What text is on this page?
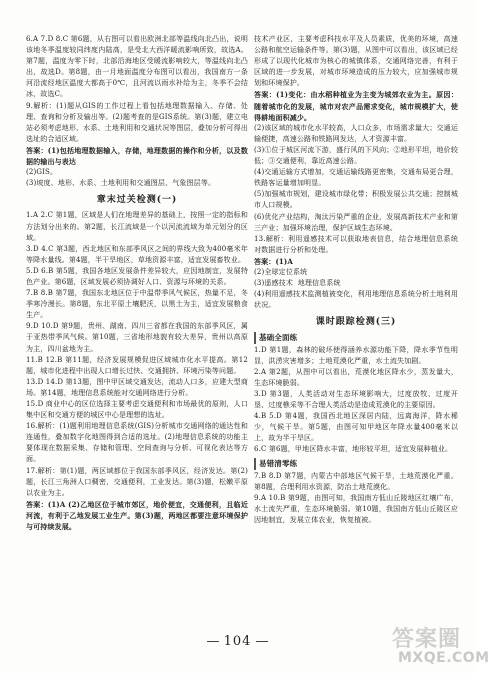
6.A 7.D 8.C 第6题，从右图可以看出欧洲北部等温线向北凸出，说明该地冬季温度较同纬度内陆高，是受北大西洋暖流影响所致，故选A。第7题，温度为零下时，北部沿海地区受暖流影响较大，等温线向北凸出，故选D。第8题，由一月地面温度分布图可以看出，我国南方一条河沿流经地区温度大都高于0℃，且河流以雨水补给为主，冬季不会结冰，故选C。

9.解析：(1)题从GIS的工作过程上看包括地理数据输入、存储、处理、查询和分析及输出等。(2)题考查的是GIS系统。第(3)题，建立电站必须考虑地形、水系、土地利用和交通状况等图层，叠加分析可得出选址的合适区域。

答案：(1)包括地理数据输入，存储，地理数据的操作和分析，以及数据的输出与表达

(2)GIS。

(3)坡度、地形、水系、土地利用和交通图层、气象图层等。

章末过关检测(一)

1.A 2.C 第1题，区域是人们在地理差异的基础上，按照一定的指标和方法划分出来的。第2题，长江流域是一个以河流流域为单元划分的区域。

3.D 4.C 第3题，西北地区和东部季风区之间的界线大致为400毫米年等降水量线。第4题，半干旱地区，草地资源丰富，适宜发展畜牧业。

5.D 6.B 第5题，我国各地区发展条件差异较大，应因地制宜，发展特色产业。第6题，区域发展必须协调好人口、资源与环境的关系。

7.B 8.B 第7题，我国东北地区位于中温带季风气候区，热量不足，冬季寒冷漫长。第8题，东北平原土壤肥沃，以黑土为主，适宜发展粮食生产。

9.D 10.D 第9题，贵州、湖南、四川三省都在我国的东部季风区，属于亚热带季风气候。第10题，三省地形地貌有较大差异，贵州以高原为主，四川盆地为主。

11.B 12.B 第11题，经济发展规模促进区域城市化水平提高。第12题，城市化进程中出现人口增长过快、交通拥挤、环境污染等问题。

13.D 14.D 第13题，图中甲区域交通发达，流动人口多，应建大型商场。第14题，地理信息系统能对交通网络进行分析。

15.D 商业中心的区位选择主要考虑交通便利和市场最优的原则，人口集中区和交通方便的城区中心是理想的选址。

16.解析：(1)题利用地理信息系统(GIS)分析城市交通网络的通达性和连通性，叠加数字化地图得到合适的选址。(2)地理信息系统的功能主要体现在数据采集、存储和管理、空间查询与分析、可视化表达等方面。

17.解析：第(1)题，两区域都位于我国东部季风区，经济发达。第(2)题，长江三角洲人口稠密，交通便利，工业发达。第(3)题，松嫩平原以农业为主。

答案：(1)A (2)乙地区位于城市郊区，地价便宜，交通便利，且临近河流，有利于乙地发展工业生产。第(3)题，两地区都要注意环境保护与可持续发展。

技术产业区，主要考虑科技水平及人员素质，优美的环境，高速公路和航空运输条件等。第(3)题，从图中可以看出，该区域已经形成了以现代化城市为核心的城镇体系，交通网络完善，有利于区域的进一步发展，对城市环境造成的压力较大，应加强城市规划和环境保护。

答案：(1)变化：由水稻种植业为主变为城郊农业为主。原因：随着城市化的发展，城市对农产品需求变化，城市规模扩大，使得耕地面积减少。

(2)该区域的城市化水平较高，人口众多，市场需求量大；交通运输便捷，高速公路和铁路网发达，人才资源丰富。

(3)①位于城区河流下游，盛行风的下风向；②地形平坦，地价较低；③交通便利，靠近高速公路。

(4)交通运输方式增加，交通运输线路更密集，交通布局更合理，铁路客运量增加明显。

(5)加强城市规划，建设城市绿化带；积极发展公共交通；控制城市人口规模。

(6)优化产业结构，淘汰污染严重的企业，发展高新技术产业和第三产业；加强环境治理，保护区域生态环境。

13.解析：利用遥感技术可以获取地表信息，结合地理信息系统对数据进行分析和处理。

答案：(1)A

(2)全球定位系统

(3)遥感技术  地理信息系统

(4)利用遥感技术监测植被变化，利用地理信息系统分析土地利用状况。

课时跟踪检测(三)
基础全面练

1.D 第1题，森林的破坏使得涵养水源功能下降，降水季节性明显，洪涝灾害增多；土地荒漠化严重，水土流失加剧。

2.A 第2题，从图中可以看出，荒漠化地区降水少，蒸发量大，生态环境脆弱。

3.D 第3题，人类活动对生态环境影响大，过度放牧、过度开垦、过度樵采等不合理人类活动是造成荒漠化的主要原因。

4.B 5.D 第4题，我国西北地区深居内陆，远离海洋，降水稀少，气候干旱。第5题，由图可知甲地区年降水量400毫米以上，故为半干旱区。

6.C 第6题，甲地区降水丰富，地形较平坦，适宜发展种植业。

易错清零练

7.B 8.D 第7题，内蒙古中部地区气候干旱，土地荒漠化严重。第8题，合理利用水资源，防治土地荒漠化。

9.A 10.B 第9题，由图可知，我国南方低山丘陵地区红壤广布，水土流失严重，生态环境脆弱。第10题，我国南方低山丘陵区应因地制宜，发展立体农业，恢复植被。

— 104 —	答案圈
MXQE.COM
